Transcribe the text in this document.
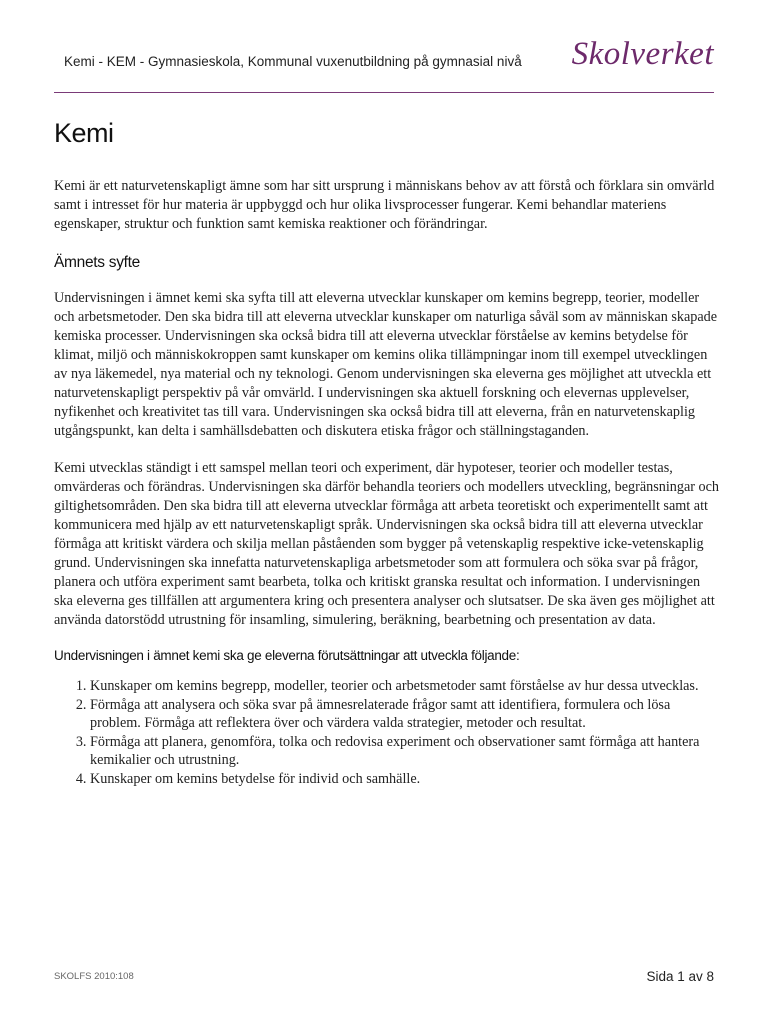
Kemi - KEM - Gymnasieskola, Kommunal vuxenutbildning på gymnasial nivå Skolverket
Kemi

Kemi är ett naturvetenskapligt ämne som har sitt ursprung i människans behov av att förstå och förklara sin omvärld samt i intresset för hur materia är uppbyggd och hur olika livsprocesser fungerar. Kemi behandlar materiens egenskaper, struktur och funktion samt kemiska reaktioner och förändringar.

Ämnets syfte

Undervisningen i ämnet kemi ska syfta till att eleverna utvecklar kunskaper om kemins begrepp, teorier, modeller och arbetsmetoder. Den ska bidra till att eleverna utvecklar kunskaper om naturliga såväl som av människan skapade kemiska processer. Undervisningen ska också bidra till att eleverna utvecklar förståelse av kemins betydelse för klimat, miljö och människokroppen samt kunskaper om kemins olika tillämpningar inom till exempel utvecklingen av nya läkemedel, nya material och ny teknologi. Genom undervisningen ska eleverna ges möjlighet att utveckla ett naturvetenskapligt perspektiv på vår omvärld. I undervisningen ska aktuell forskning och elevernas upplevelser, nyfikenhet och kreativitet tas till vara. Undervisningen ska också bidra till att eleverna, från en naturvetenskaplig utgångspunkt, kan delta i samhällsdebatten och diskutera etiska frågor och ställningstaganden.

Kemi utvecklas ständigt i ett samspel mellan teori och experiment, där hypoteser, teorier och modeller testas, omvärderas och förändras. Undervisningen ska därför behandla teoriers och modellers utveckling, begränsningar och giltighetsområden. Den ska bidra till att eleverna utvecklar förmåga att arbeta teoretiskt och experimentellt samt att kommunicera med hjälp av ett naturvetenskapligt språk. Undervisningen ska också bidra till att eleverna utvecklar förmåga att kritiskt värdera och skilja mellan påståenden som bygger på vetenskaplig respektive icke-vetenskaplig grund. Undervisningen ska innefatta naturvetenskapliga arbetsmetoder som att formulera och söka svar på frågor, planera och utföra experiment samt bearbeta, tolka och kritiskt granska resultat och information. I undervisningen ska eleverna ges tillfällen att argumentera kring och presentera analyser och slutsatser. De ska även ges möjlighet att använda datorstödd utrustning för insamling, simulering, beräkning, bearbetning och presentation av data.

Undervisningen i ämnet kemi ska ge eleverna förutsättningar att utveckla följande:
1. Kunskaper om kemins begrepp, modeller, teorier och arbetsmetoder samt förståelse av hur dessa utvecklas.
2. Förmåga att analysera och söka svar på ämnesrelaterade frågor samt att identifiera, formulera och lösa problem. Förmåga att reflektera över och värdera valda strategier, metoder och resultat.
3. Förmåga att planera, genomföra, tolka och redovisa experiment och observationer samt förmåga att hantera kemikalier och utrustning.
4. Kunskaper om kemins betydelse för individ och samhälle.
SKOLFS 2010:108	Sida 1 av 8
